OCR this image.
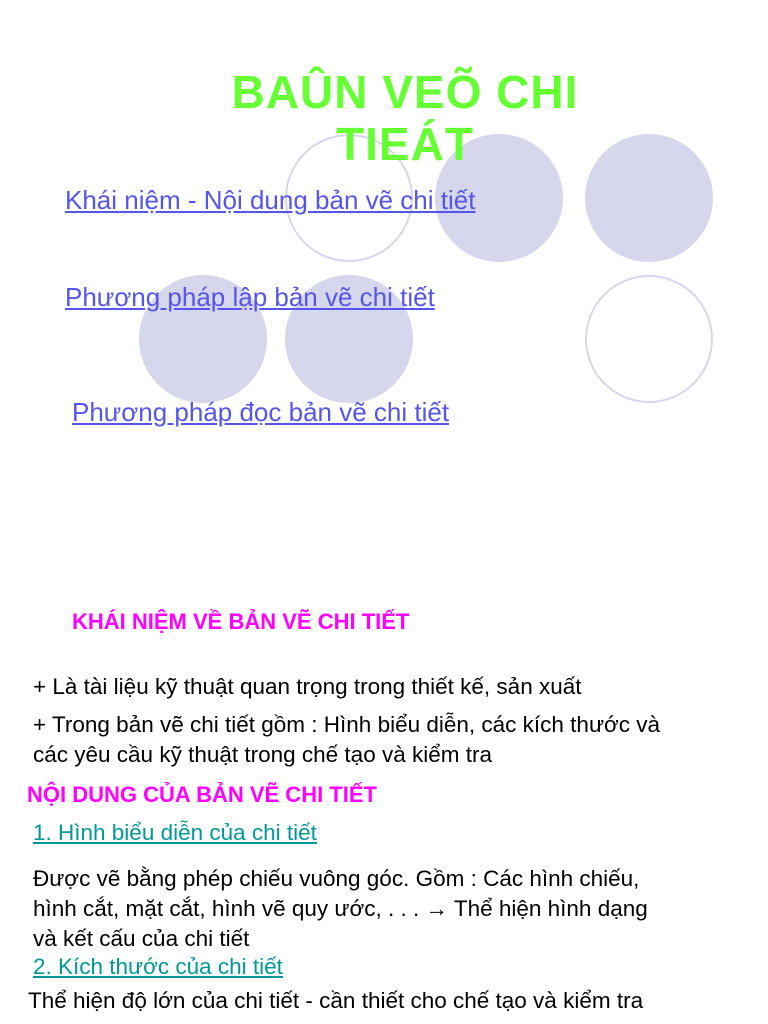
BAÛN VEÕ CHI
TIEÁT
Khái niệm - Nội dung bản vẽ chi tiết
Phương pháp lập bản vẽ chi tiết
Phương pháp đọc bản vẽ chi tiết
KHÁI NIỆM VỀ BẢN VẼ CHI TIẾT
+ Là tài liệu kỹ thuật quan trọng trong thiết kế, sản xuất
+ Trong bản vẽ chi tiết gồm : Hình biểu diễn, các kích thước và
các yêu cầu kỹ thuật trong chế tạo và kiểm tra
NỘI DUNG CỦA BẢN VẼ CHI TIẾT
1. Hình biểu diễn của chi tiết
Được vẽ bằng phép chiếu vuông góc. Gồm : Các hình chiếu,
hình cắt, mặt cắt, hình vẽ quy ước, . . . → Thể hiện hình dạng
và kết cấu của chi tiết
2. Kích thước của chi tiết
Thể hiện độ lớn của chi tiết - cần thiết cho chế tạo và kiểm tra
